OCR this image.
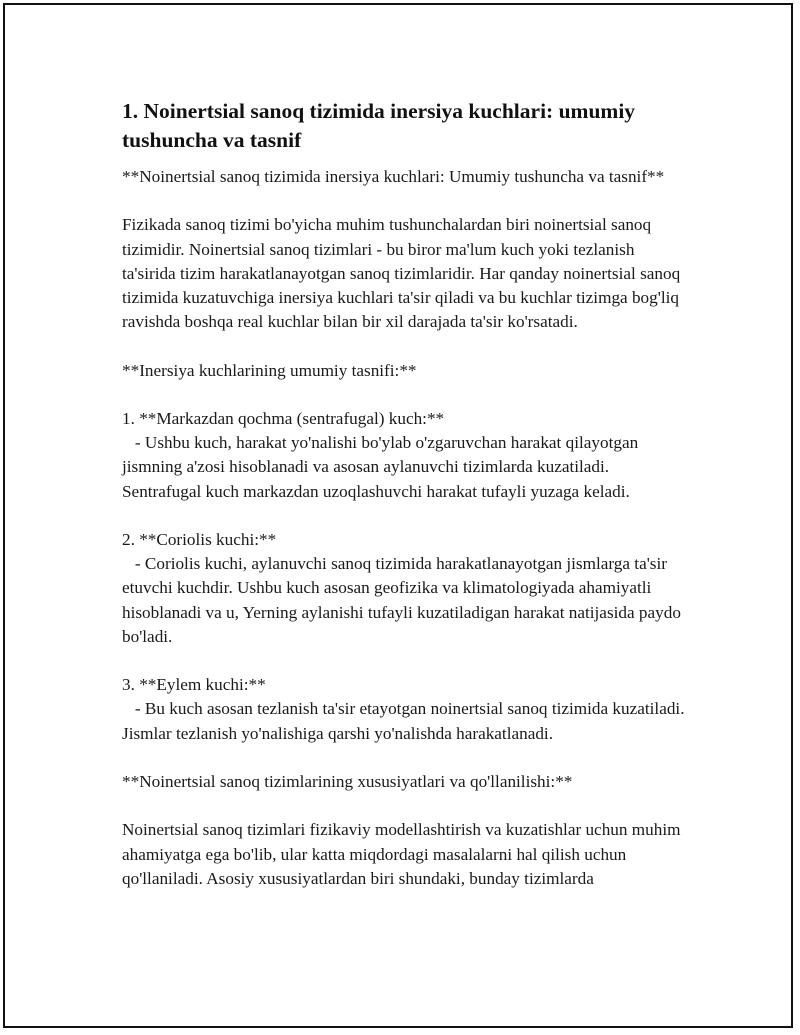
1. Noinertsial sanoq tizimida inersiya kuchlari: umumiy tushuncha va tasnif

**Noinertsial sanoq tizimida inersiya kuchlari: Umumiy tushuncha va tasnif**

Fizikada sanoq tizimi bo'yicha muhim tushunchalardan biri noinertsial sanoq tizimidir. Noinertsial sanoq tizimlari - bu biror ma'lum kuch yoki tezlanish ta'sirida tizim harakatlanayotgan sanoq tizimlaridir. Har qanday noinertsial sanoq tizimida kuzatuvchiga inersiya kuchlari ta'sir qiladi va bu kuchlar tizimga bog'liq ravishda boshqa real kuchlar bilan bir xil darajada ta'sir ko'rsatadi.

**Inersiya kuchlarining umumiy tasnifi:**

1. **Markazdan qochma (sentrafugal) kuch:**
- Ushbu kuch, harakat yo'nalishi bo'ylab o'zgaruvchan harakat qilayotgan jismning a'zosi hisoblanadi va asosan aylanuvchi tizimlarda kuzatiladi. Sentrafugal kuch markazdan uzoqlashuvchi harakat tufayli yuzaga keladi.

2. **Coriolis kuchi:**
- Coriolis kuchi, aylanuvchi sanoq tizimida harakatlanayotgan jismlarga ta'sir etuvchi kuchdir. Ushbu kuch asosan geofizika va klimatologiyada ahamiyatli hisoblanadi va u, Yerning aylanishi tufayli kuzatiladigan harakat natijasida paydo bo'ladi.

3. **Eylem kuchi:**
- Bu kuch asosan tezlanish ta'sir etayotgan noinertsial sanoq tizimida kuzatiladi. Jismlar tezlanish yo'nalishiga qarshi yo'nalishda harakatlanadi.

**Noinertsial sanoq tizimlarining xususiyatlari va qo'llanilishi:**

Noinertsial sanoq tizimlari fizikaviy modellashtirish va kuzatishlar uchun muhim ahamiyatga ega bo'lib, ular katta miqdordagi masalalarni hal qilish uchun qo'llaniladi. Asosiy xususiyatlardan biri shundaki, bunday tizimlarda
